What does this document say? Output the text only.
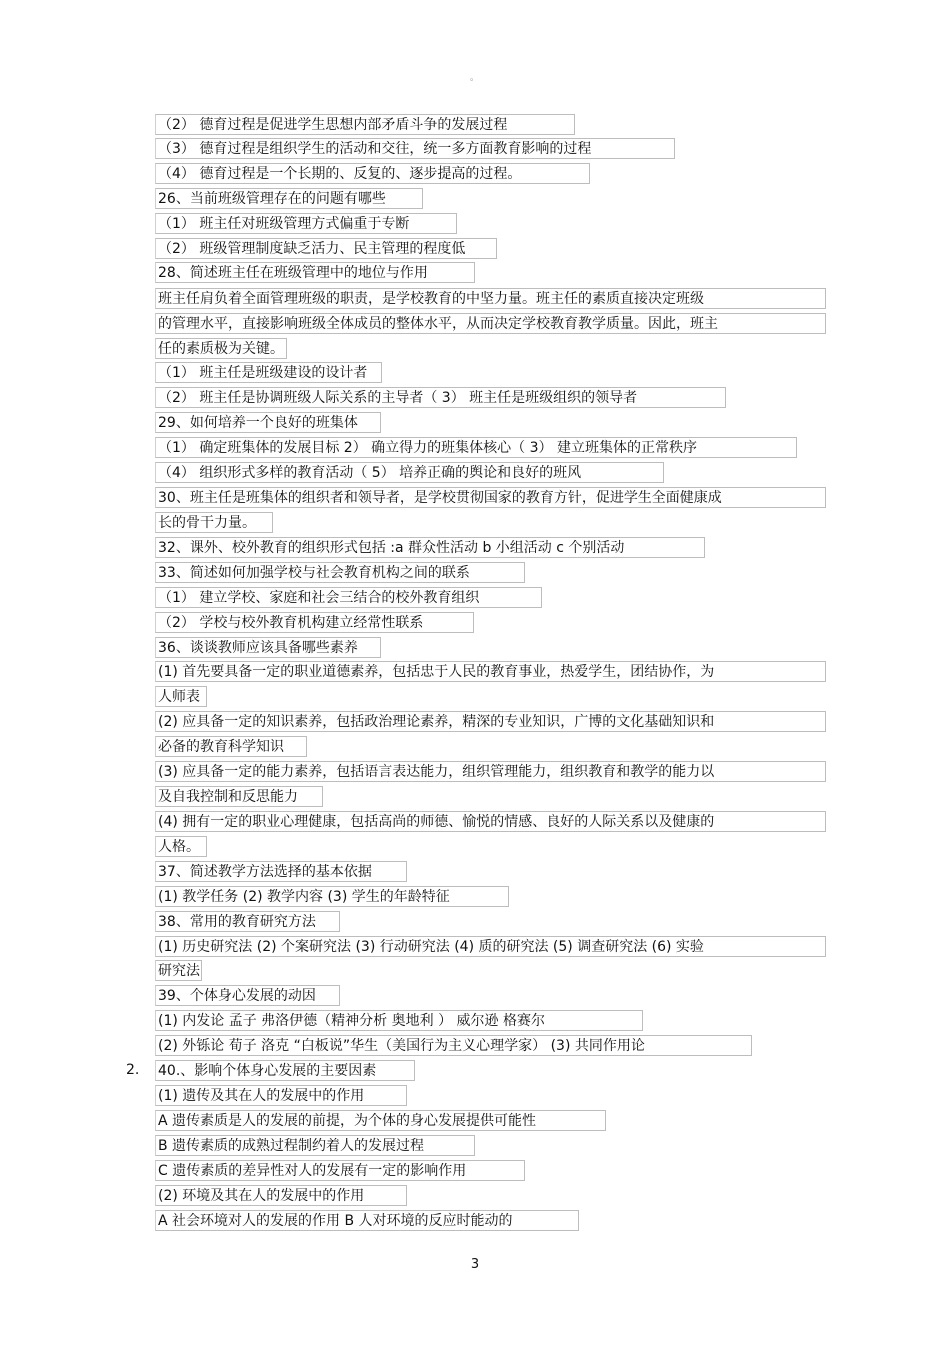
。
（2） 德育过程是促进学生思想内部矛盾斗争的发展过程
（3） 德育过程是组织学生的活动和交往，统一多方面教育影响的过程
（4） 德育过程是一个长期的、反复的、逐步提高的过程。
26、当前班级管理存在的问题有哪些
（1） 班主任对班级管理方式偏重于专断
（2） 班级管理制度缺乏活力、民主管理的程度低
28、简述班主任在班级管理中的地位与作用
班主任肩负着全面管理班级的职责，是学校教育的中坚力量。班主任的素质直接决定班级
的管理水平，直接影响班级全体成员的整体水平，从而决定学校教育教学质量。因此，班主
任的素质极为关键。
（1） 班主任是班级建设的设计者
（2） 班主任是协调班级人际关系的主导者（ 3） 班主任是班级组织的领导者
29、如何培养一个良好的班集体
（1） 确定班集体的发展目标 2） 确立得力的班集体核心（ 3） 建立班集体的正常秩序
（4） 组织形式多样的教育活动（ 5） 培养正确的舆论和良好的班风
30、班主任是班集体的组织者和领导者，是学校贯彻国家的教育方针，促进学生全面健康成
长的骨干力量。
32、课外、校外教育的组织形式包括 :a 群众性活动 b 小组活动 c 个别活动
33、简述如何加强学校与社会教育机构之间的联系
（1） 建立学校、家庭和社会三结合的校外教育组织
（2） 学校与校外教育机构建立经常性联系
36、谈谈教师应该具备哪些素养
(1) 首先要具备一定的职业道德素养，包括忠于人民的教育事业，热爱学生，团结协作，为
人师表
(2) 应具备一定的知识素养，包括政治理论素养，精深的专业知识，广博的文化基础知识和
必备的教育科学知识
(3) 应具备一定的能力素养，包括语言表达能力，组织管理能力，组织教育和教学的能力以
及自我控制和反思能力
(4) 拥有一定的职业心理健康，包括高尚的师德、愉悦的情感、良好的人际关系以及健康的
人格。
37、简述教学方法选择的基本依据
(1) 教学任务 (2) 教学内容 (3) 学生的年龄特征
38、常用的教育研究方法
(1) 历史研究法 (2) 个案研究法 (3) 行动研究法 (4) 质的研究法 (5) 调查研究法 (6) 实验
研究法
39、个体身心发展的动因
(1) 内发论 孟子 弗洛伊德（精神分析 奥地利 ） 威尔逊 格赛尔
(2) 外铄论 荀子 洛克 “白板说”华生（美国行为主义心理学家） (3) 共同作用论
2. 40.、影响个体身心发展的主要因素
(1) 遗传及其在人的发展中的作用
A 遗传素质是人的发展的前提，为个体的身心发展提供可能性
B 遗传素质的成熟过程制约着人的发展过程
C 遗传素质的差异性对人的发展有一定的影响作用
(2) 环境及其在人的发展中的作用
A 社会环境对人的发展的作用 B 人对环境的反应时能动的
3
